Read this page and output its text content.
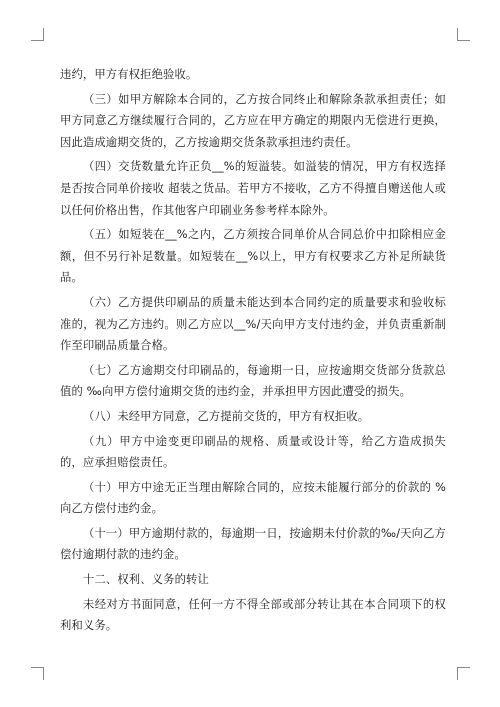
违约，甲方有权拒绝验收。

（三）如甲方解除本合同的，乙方按合同终止和解除条款承担责任；如甲方同意乙方继续履行合同的，乙方应在甲方确定的期限内无偿进行更换，因此造成逾期交货的，乙方按逾期交货条款承担违约责任。

（四）交货数量允许正负__%的短溢装。如溢装的情况，甲方有权选择是否按合同单价接收 超装之货品。若甲方不接收，乙方不得擅自赠送他人或以任何价格出售，作其他客户印刷业务参考样本除外。

（五）如短装在__%之内，乙方须按合同单价从合同总价中扣除相应金额，但不另行补足数量。如短装在__%以上，甲方有权要求乙方补足所缺货品。

（六）乙方提供印刷品的质量未能达到本合同约定的质量要求和验收标准的，视为乙方违约。则乙方应以__%/天向甲方支付违约金，并负责重新制作至印刷品质量合格。

（七）乙方逾期交付印刷品的，每逾期一日，应按逾期交货部分货款总值的 ‰向甲方偿付逾期交货的违约金，并承担甲方因此遭受的损失。

（八）未经甲方同意，乙方提前交货的，甲方有权拒收。

（九）甲方中途变更印刷品的规格、质量或设计等，给乙方造成损失的，应承担赔偿责任。

（十）甲方中途无正当理由解除合同的，应按未能履行部分的价款的 %向乙方偿付违约金。

（十一）甲方逾期付款的，每逾期一日，按逾期未付价款的‰/天向乙方偿付逾期付款的违约金。

十二、权利、义务的转让

未经对方书面同意，任何一方不得全部或部分转让其在本合同项下的权利和义务。
